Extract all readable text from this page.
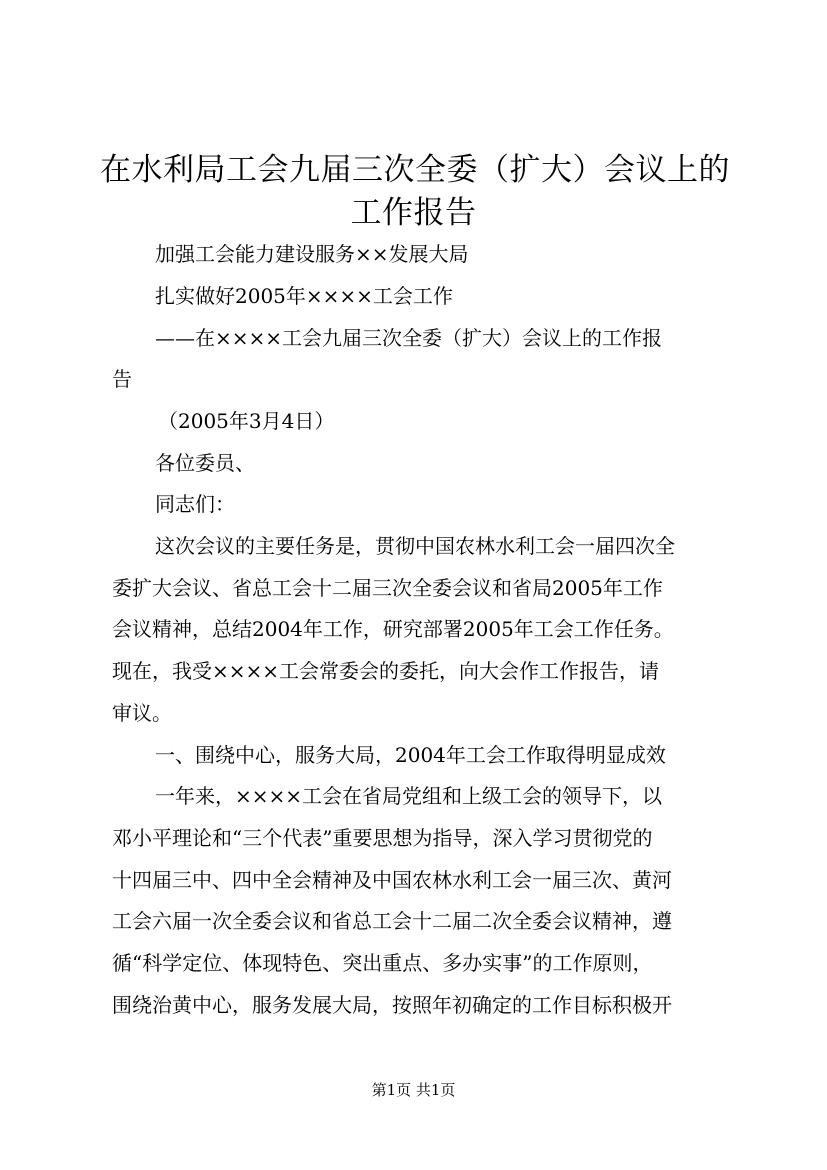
在水利局工会九届三次全委（扩大）会议上的
工作报告
加强工会能力建设服务××发展大局
扎实做好2005年××××工会工作
——在××××工会九届三次全委（扩大）会议上的工作报
告
（2005年3月4日）
各位委员、
同志们：
这次会议的主要任务是，贯彻中国农林水利工会一届四次全
委扩大会议、省总工会十二届三次全委会议和省局2005年工作
会议精神，总结2004年工作，研究部署2005年工会工作任务。
现在，我受××××工会常委会的委托，向大会作工作报告，请
审议。
一、围绕中心，服务大局，2004年工会工作取得明显成效
一年来，××××工会在省局党组和上级工会的领导下，以
邓小平理论和“三个代表”重要思想为指导，深入学习贯彻党的
十四届三中、四中全会精神及中国农林水利工会一届三次、黄河
工会六届一次全委会议和省总工会十二届二次全委会议精神，遵
循“科学定位、体现特色、突出重点、多办实事”的工作原则，
围绕治黄中心，服务发展大局，按照年初确定的工作目标积极开
第1页 共1页
